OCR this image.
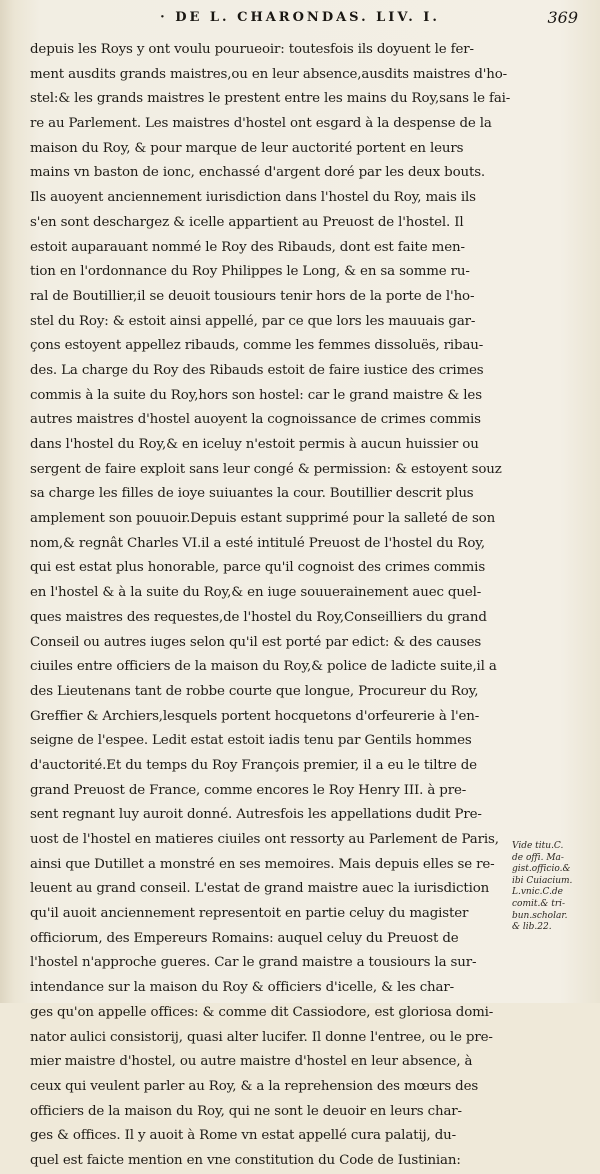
· DE L. CHARONDAS. LIV. I.	369
depuis les Roys y ont voulu pourueoir: toutesfois ils doyuent le fer-
ment ausdits grands maistres,ou en leur absence,ausdits maistres d'ho-
stel:& les grands maistres le prestent entre les mains du Roy,sans le fai-
re au Parlement. Les maistres d'hostel ont esgard à la despense de la
maison du Roy, & pour marque de leur auctorité portent en leurs
mains vn baston de ionc, enchassé d'argent doré par les deux bouts.
Ils auoyent anciennement iurisdiction dans l'hostel du Roy, mais ils
s'en sont deschargez & icelle appartient au Preuost de l'hostel. Il
estoit auparauant nommé le Roy des Ribauds, dont est faite men-
tion en l'ordonnance du Roy Philippes le Long, & en sa somme ru-
ral de Boutillier,il se deuoit tousiours tenir hors de la porte de l'ho-
stel du Roy: & estoit ainsi appellé, par ce que lors les mauuais gar-
çons estoyent appellez ribauds, comme les femmes dissoluës, ribau-
des. La charge du Roy des Ribauds estoit de faire iustice des crimes
commis à la suite du Roy,hors son hostel: car le grand maistre & les
autres maistres d'hostel auoyent la cognoissance de crimes commis
dans l'hostel du Roy,& en iceluy n'estoit permis à aucun huissier ou
sergent de faire exploit sans leur congé & permission: & estoyent souz
sa charge les filles de ioye suiuantes la cour. Boutillier descrit plus
amplement son pouuoir.Depuis estant supprimé pour la salleté de son
nom,& regnât Charles VI.il a esté intitulé Preuost de l'hostel du Roy,
qui est estat plus honorable, parce qu'il cognoist des crimes commis
en l'hostel & à la suite du Roy,& en iuge souuerainement auec quel-
ques maistres des requestes,de l'hostel du Roy,Conseilliers du grand
Conseil ou autres iuges selon qu'il est porté par edict: & des causes
ciuiles entre officiers de la maison du Roy,& police de ladicte suite,il a
des Lieutenans tant de robbe courte que longue, Procureur du Roy,
Greffier & Archiers,lesquels portent hocquetons d'orfeurerie à l'en-
seigne de l'espee. Ledit estat estoit iadis tenu par Gentils hommes
d'auctorité.Et du temps du Roy François premier, il a eu le tiltre de
grand Preuost de France, comme encores le Roy Henry III. à pre-
sent regnant luy auroit donné. Autresfois les appellations dudit Pre-
uost de l'hostel en matieres ciuiles ont ressorty au Parlement de Paris,
ainsi que Dutillet a monstré en ses memoires. Mais depuis elles se re-
leuent au grand conseil. L'estat de grand maistre auec la iurisdiction
qu'il auoit anciennement representoit en partie celuy du magister
officiorum, des Empereurs Romains: auquel celuy du Preuost de
l'hostel n'approche gueres. Car le grand maistre a tousiours la sur-
intendance sur la maison du Roy & officiers d'icelle, & les char-
ges qu'on appelle offices: & comme dit Cassiodore, est gloriosa domi-
nator aulici consistorij, quasi alter lucifer. Il donne l'entree, ou le pre-
mier maistre d'hostel, ou autre maistre d'hostel en leur absence, à
ceux qui veulent parler au Roy, & a la reprehension des mœurs des
officiers de la maison du Roy, qui ne sont le deuoir en leurs char-
ges & offices. Il y auoit à Rome vn estat appellé cura palatij, du-
quel est faicte mention en vne constitution du Code de Iustinian:
Vide titu.C.
de offi. Ma-
gist.officio.&
ibi Cuiacium.
L.vnic.C.de
comit.& tri-
bun.scholar.
& lib.22.
